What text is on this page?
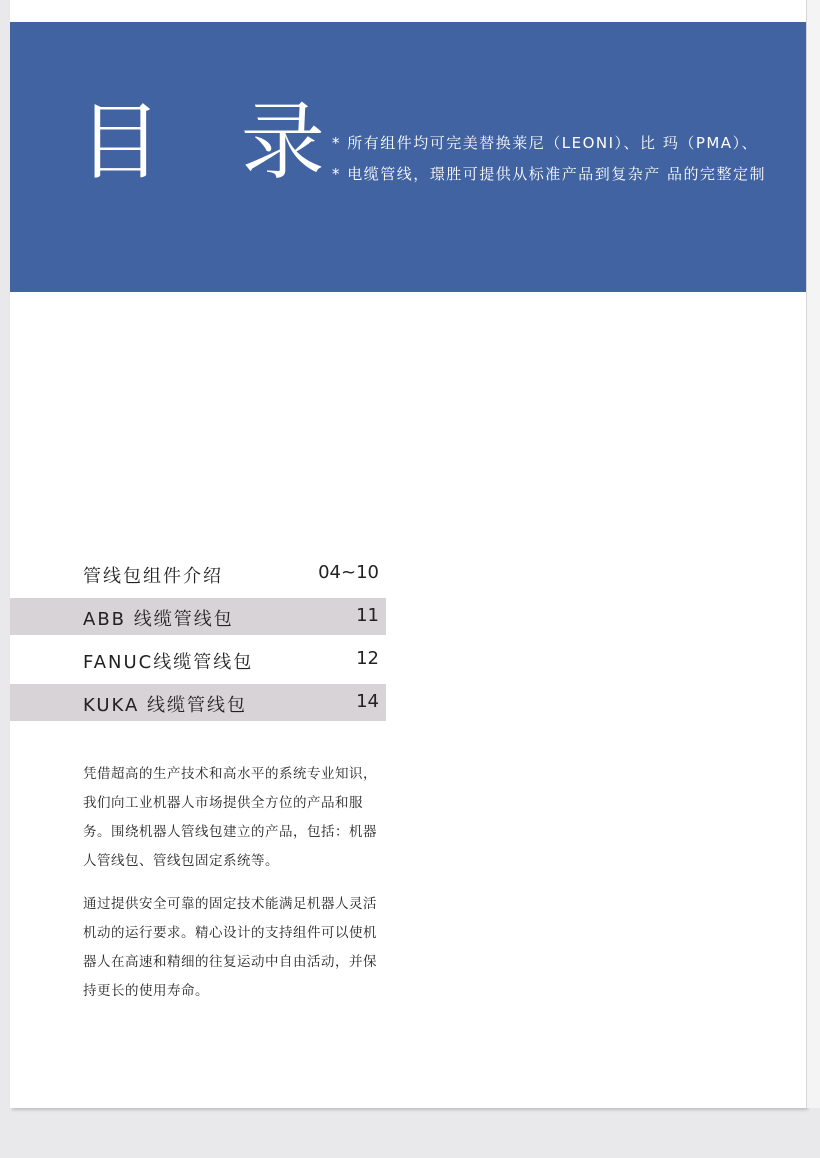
目 录
* 所有组件均可完美替换莱尼（LEONI）、比 玛（PMA）、
* 电缆管线，璟胜可提供从标准产品到复杂产 品的完整定制
管线包组件介绍	04~10
ABB 线缆管线包	11
FANUC线缆管线包	12
KUKA 线缆管线包	14
凭借超高的生产技术和高水平的系统专业知识，我们向工业机器人市场提供全方位的产品和服务。围绕机器人管线包建立的产品，包括：机器人管线包、管线包固定系统等。
通过提供安全可靠的固定技术能满足机器人灵活机动的运行要求。精心设计的支持组件可以使机器人在高速和精细的往复运动中自由活动，并保持更长的使用寿命。
